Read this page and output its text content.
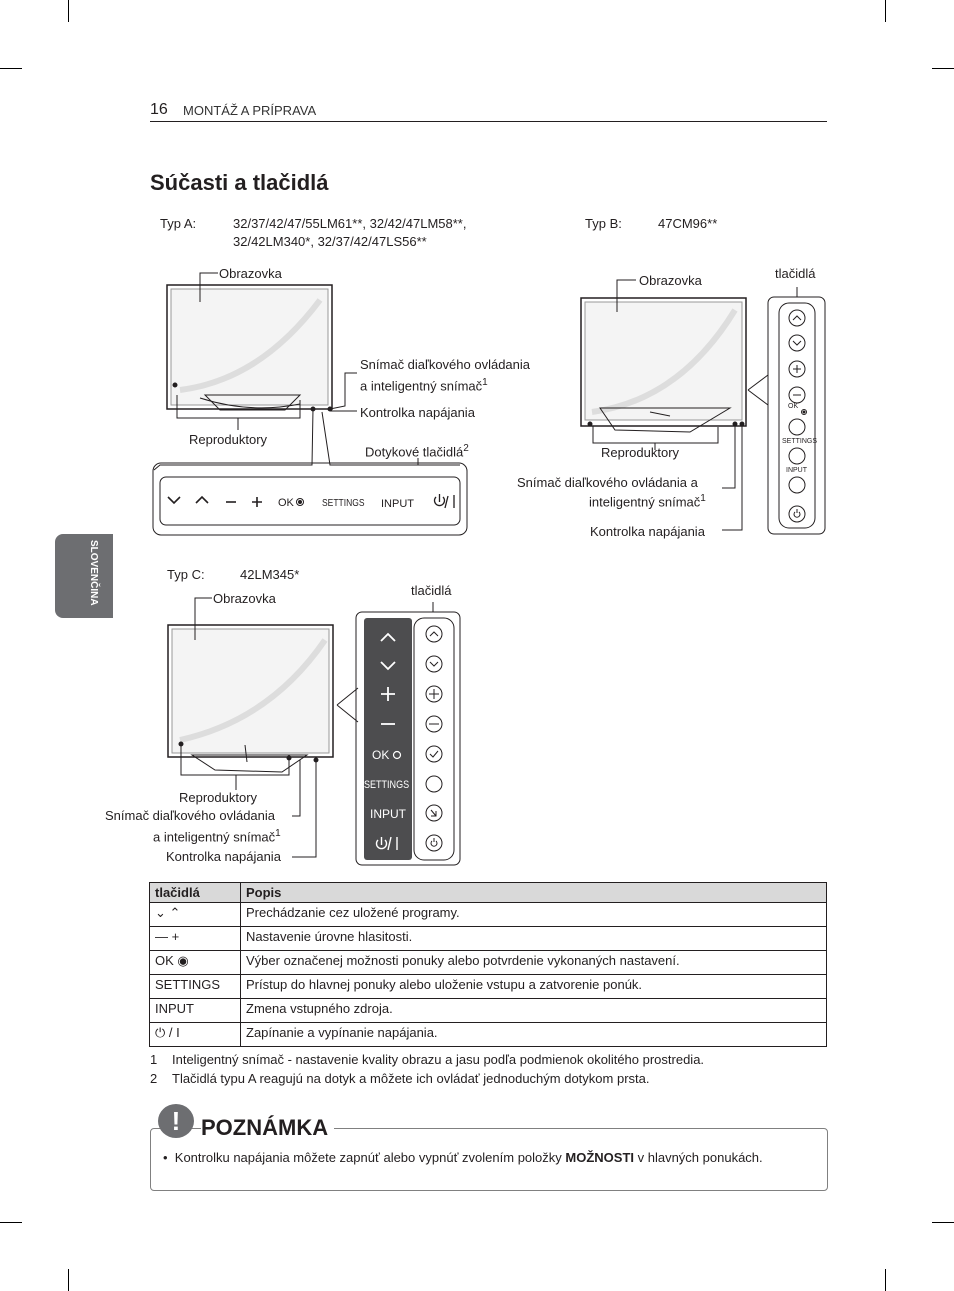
16 MONTÁŽ A PRÍPRAVA
SLOVENČINA
Súčasti a tlačidlá
Typ A:	32/37/42/47/55LM61**, 32/42/47LM58**,
32/42LM340*, 32/37/42/47LS56**
Obrazovka
Snímač diaľkového ovládania
a inteligentný snímač$^1$
Kontrolka napájania
Reproduktory
Dotykové tlačidlá$^2$
OK	SETTINGS INPUT
Typ B:	47CM96**
Obrazovka	tlačidlá
Reproduktory
Snímač diaľkového ovládania a
inteligentný snímač$^1$
Kontrolka napájania
OK
SETTINGS
INPUT
Typ C:	42LM345*
Obrazovka
tlačidlá
Reproduktory
Snímač diaľkového ovládania
a inteligentný snímač$^1$
Kontrolka napájania
OK
SETTINGS
INPUT
tlačidlá	Popis
⌄ ⌃	Prechádzanie cez uložené programy.
— +	Nastavenie úrovne hlasitosti.
OK ◉	Výber označenej možnosti ponuky alebo potvrdenie vykonaných nastavení.
SETTINGS	Prístup do hlavnej ponuky alebo uloženie vstupu a zatvorenie ponúk.
INPUT	Zmena vstupného zdroja.
⏻ / I	Zapínanie a vypínanie napájania.
1 Inteligentný snímač - nastavenie kvality obrazu a jasu podľa podmienok okolitého prostredia.
2 Tlačidlá typu A reagujú na dotyk a môžete ich ovládať jednoduchým dotykom prsta.
! POZNÁMKA
•  Kontrolku napájania môžete zapnúť alebo vypnúť zvolením položky MOŽNOSTI v hlavných ponukách.
